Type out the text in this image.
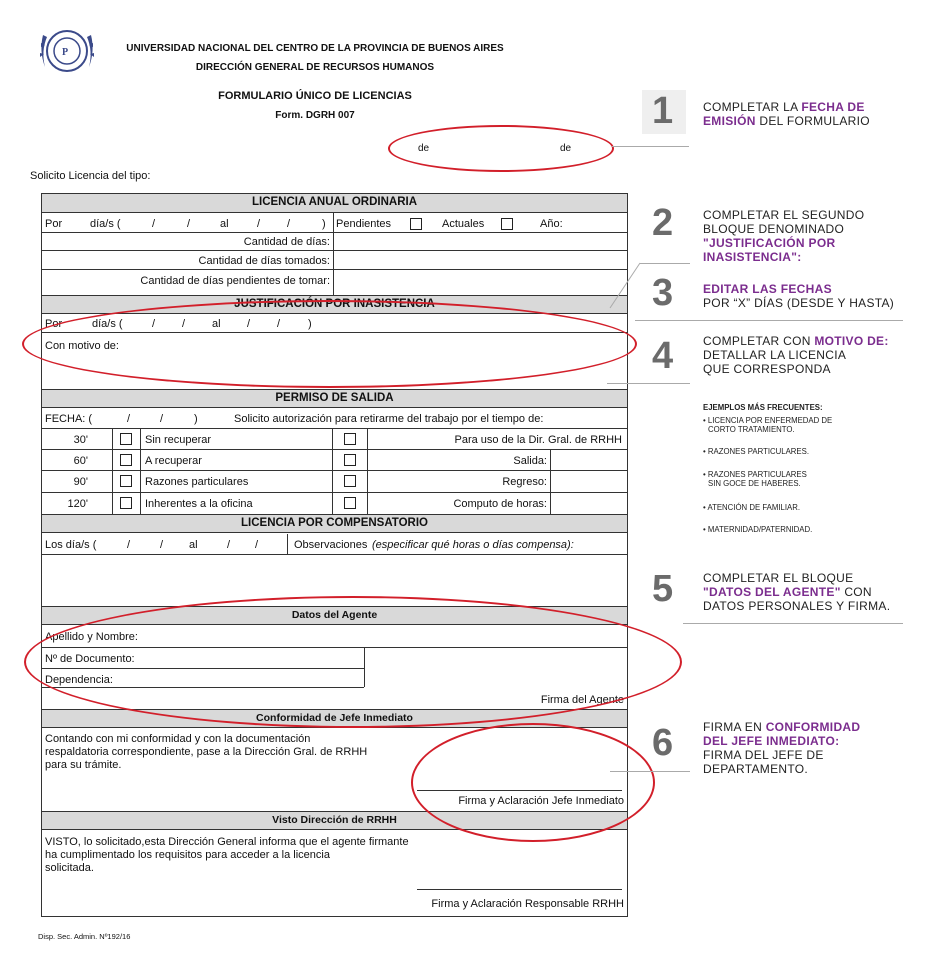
P	UNIVERSIDAD NACIONAL DEL CENTRO DE LA PROVINCIA DE BUENOS AIRES
DIRECCIÓN GENERAL DE RECURSOS HUMANOS
FORMULARIO ÚNICO DE LICENCIAS
Form. DGRH 007
de	de
Solicito Licencia del tipo:
LICENCIA ANUAL ORDINARIA
Por	día/s (	/	/	al	/ /	) Pendientes	Actuales	Año:
Cantidad de días:
Cantidad de días tomados:
Cantidad de días pendientes de tomar:
JUSTIFICACIÓN POR INASISTENCIA
Por	día/s (	/ / al / /	)
Con motivo de:
PERMISO DE SALIDA
FECHA: (	/	/	)	Solicito autorización para retirarme del trabajo por el tiempo de:
30'	Sin recuperar	Para uso de la Dir. Gral. de RRHH
60'	A recuperar	Salida:
90'	Razones particulares	Regreso:
120'	Inherentes a la oficina	Computo de horas:
LICENCIA POR COMPENSATORIO
Los día/s (	/	/ al	/ /	Observaciones (especificar qué horas o días compensa):
Datos del Agente
Apellido y Nombre:
Nº de Documento:
Dependencia:
Firma del Agente
Conformidad de Jefe Inmediato
Contando con mi conformidad y con la documentación
respaldatoria correspondiente, pase a la Dirección Gral. de RRHH
para su trámite.
Firma y Aclaración Jefe Inmediato
Visto Dirección de RRHH
VISTO, lo solicitado,esta Dirección General informa que el agente firmante
ha cumplimentado los requisitos para acceder a la licencia
solicitada.
Firma y Aclaración Responsable RRHH
Disp. Sec. Admin. Nº192/16
1 COMPLETAR LA FECHA DE
EMISIÓN DEL FORMULARIO
2 COMPLETAR EL SEGUNDO
BLOQUE DENOMINADO
"JUSTIFICACIÓN POR
INASISTENCIA":
3 EDITAR LAS FECHAS
POR “X” DÍAS (DESDE Y HASTA)
4 COMPLETAR CON MOTIVO DE:
DETALLAR LA LICENCIA
QUE CORRESPONDA
EJEMPLOS MÁS FRECUENTES:
• LICENCIA POR ENFERMEDAD DE
CORTO TRATAMIENTO.
• RAZONES PARTICULARES.
• RAZONES PARTICULARES
SIN GOCE DE HABERES.
• ATENCIÓN DE FAMILIAR.
• MATERNIDAD/PATERNIDAD.
5 COMPLETAR EL BLOQUE
"DATOS DEL AGENTE" CON
DATOS PERSONALES Y FIRMA.
6 FIRMA EN CONFORMIDAD
DEL JEFE INMEDIATO:
FIRMA DEL JEFE DE
DEPARTAMENTO.
